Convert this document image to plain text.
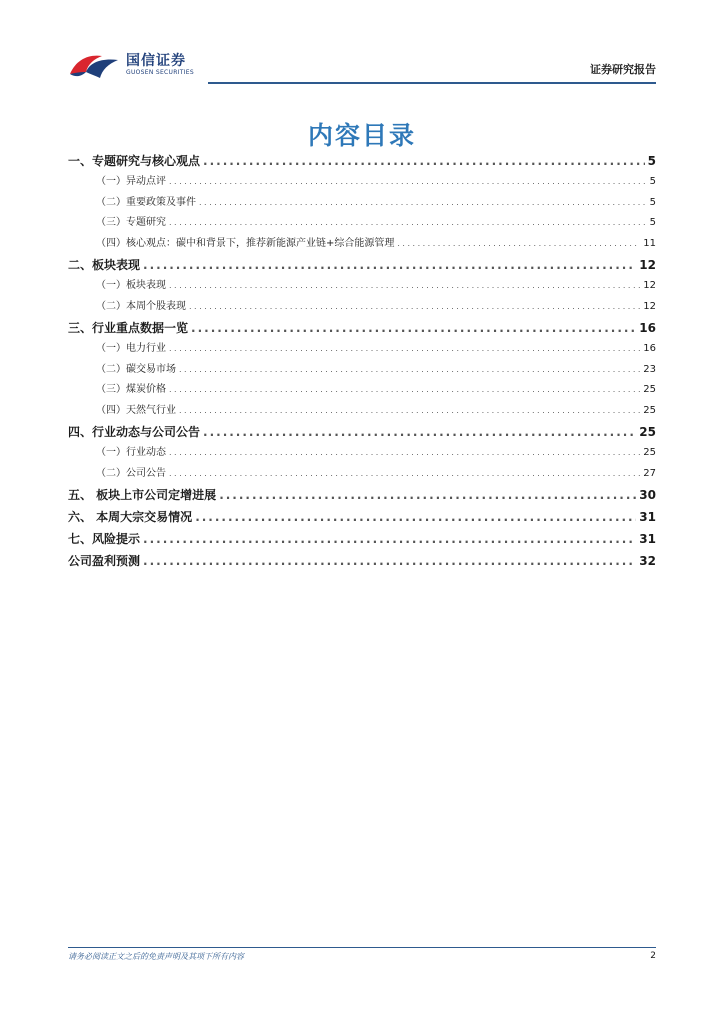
国信证券
GUOSEN SECURITIES	证券研究报告
内容目录
一、专题研究与核心观点 .....	5
（一）异动点评 .....	5
（二）重要政策及事件 .....	5
（三）专题研究 .....	5
（四）核心观点：碳中和背景下，推荐新能源产业链+综合能源管理 .....	11
二、板块表现 .....	12
（一）板块表现 .....	12
（二）本周个股表现 .....	12
三、行业重点数据一览 .....	16
（一）电力行业 .....	16
（二）碳交易市场 .....	23
（三）煤炭价格 .....	25
（四）天然气行业 .....	25
四、行业动态与公司公告 .....	25
（一）行业动态 .....	25
（二）公司公告 .....	27
五、 板块上市公司定增进展 .....	30
六、 本周大宗交易情况 .....	31
七、风险提示 .....	31
公司盈利预测 .....	32
请务必阅读正文之后的免责声明及其项下所有内容	2
